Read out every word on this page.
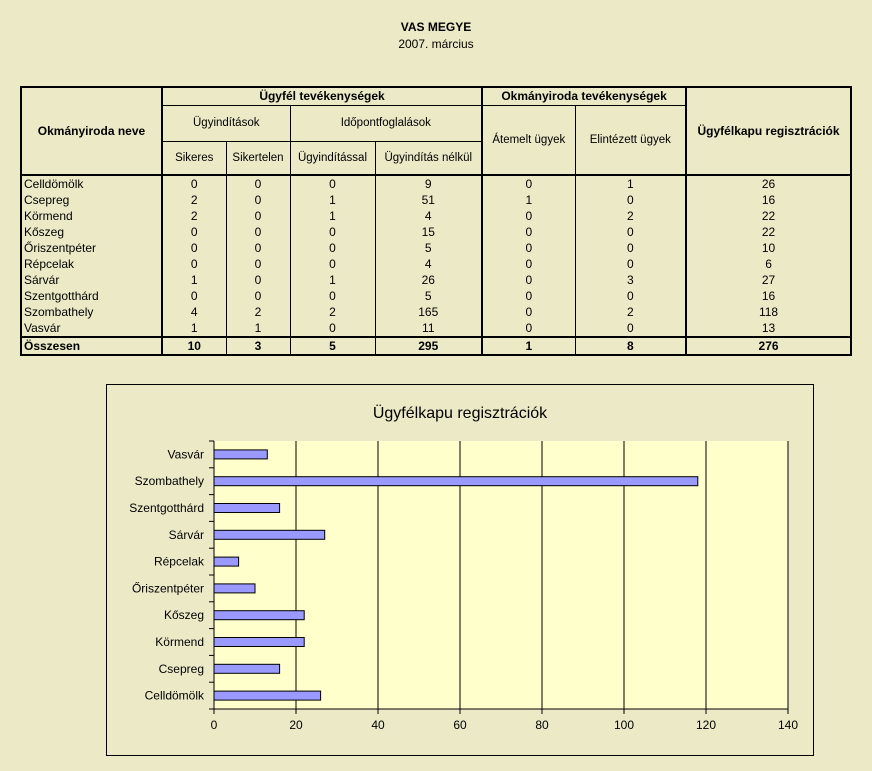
VAS MEGYE
2007. március
Okmányiroda neve	Ügyfél tevékenységek				Okmányiroda tevékenységek		Ügyfélkapu regisztrációk
	Ügyindítások		Időpontfoglalások		Átemelt ügyek	Elintézett ügyek	
	Sikeres	Sikertelen	Ügyindítással	Ügyindítás nélkül			
Celldömölk	0	0	0	9	0	1	26
Csepreg	2	0	1	51	1	0	16
Körmend	2	0	1	4	0	2	22
Kőszeg	0	0	0	15	0	0	22
Őriszentpéter	0	0	0	5	0	0	10
Répcelak	0	0	0	4	0	0	6
Sárvár	1	0	1	26	0	3	27
Szentgotthárd	0	0	0	5	0	0	16
Szombathely	4	2	2	165	0	2	118
Vasvár	1	1	0	11	0	0	13
Összesen	10	3	5	295	1	8	276
Ügyfélkapu regisztrációk
0	20	40	60	80	100	120	140
Celldömölk
Csepreg
Körmend
Kőszeg
Őriszentpéter
Répcelak
Sárvár
Szentgotthárd
Szombathely
Vasvár
